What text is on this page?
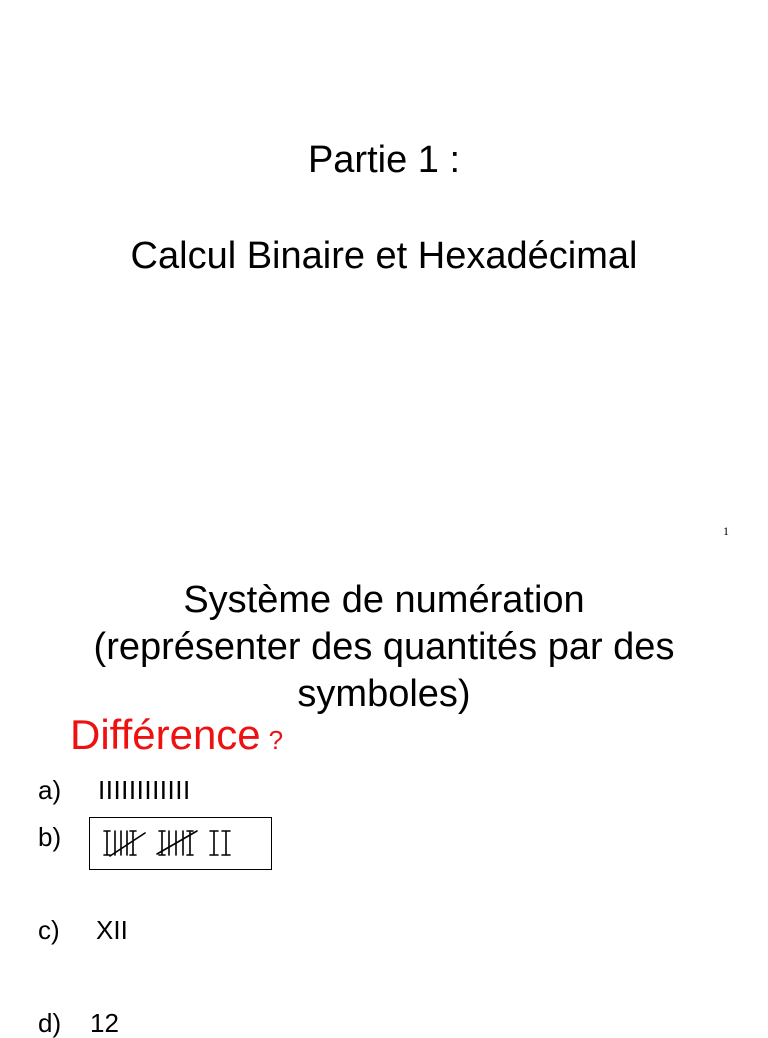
Partie 1 :
Calcul Binaire et Hexadécimal
1
Système de numération
(représenter des quantités par des
symboles)
Différence ?
a) IIIIIIIIIIII
b)
c) XII
d) 12
